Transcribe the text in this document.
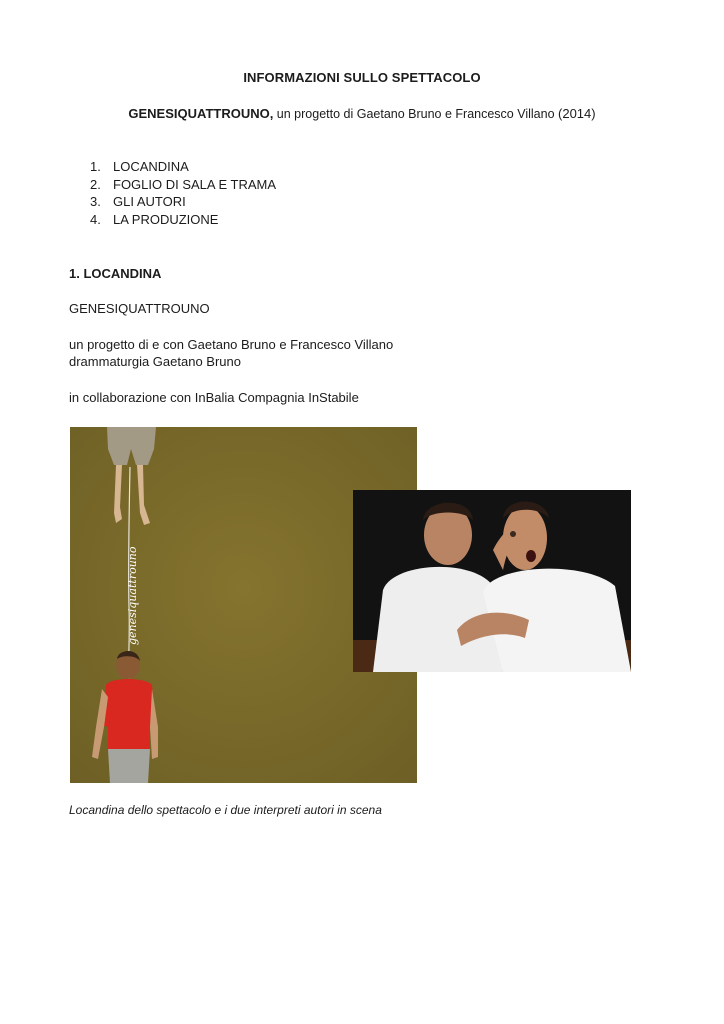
INFORMAZIONI SULLO SPETTACOLO
GENESIQUATTROUNO, un progetto di Gaetano Bruno e Francesco Villano (2014)
1. LOCANDINA
2. FOGLIO DI SALA E TRAMA
3. GLI AUTORI
4. LA PRODUZIONE
1. LOCANDINA
GENESIQUATTROUNO
un progetto di e con Gaetano Bruno e Francesco Villano
drammaturgia Gaetano Bruno
in collaborazione con InBalia Compagnia InStabile
genesiquattrouno
Locandina dello spettacolo e i due interpreti autori in scena
